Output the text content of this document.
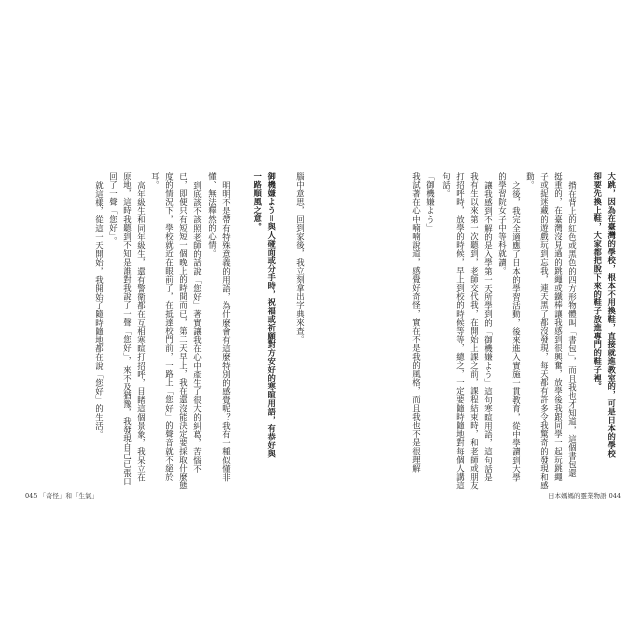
腦中意思，回到家後，我立刻拿出字典來查。
御機嫌よう＝與人碰面或分手時，祝福或祈願對方安好的寒暄用語，有恭好與
一路順風之意。
明明不是帶有特殊意義的用語，為什麼會有這麼特別的感覺呢？我有一種似懂非
懂、無法釋然的心情。
到底該不該照老師的話說「您好」著實讓我在心中產生了很大的糾葛，苦惱不
已，即便只有短短一個晚上的時間而已，第二天早上，我在還沒能決定要採取什麼態
度的情況下，學校就近在眼前了，在抵達校門前，一路上「您好」的聲音就不絕於
耳。
高年級生和同年級生，還有警衛都在互相寒暄打招呼，目睹這個景象，我呆立在
原地，這時我聽到不知是誰對我說了一聲「您好」，來不及猶豫，我發現自己已張口
回了一聲「您好」。
就這樣，從這一天開始，我開始了隨時隨地都在說「您好」的生活。
045 「奇怪」和「生氣」
大跳，因為在臺灣的學校，根本不用換鞋，直接就進教室的，可是日本的學校
卻要先換上鞋，大家都把脫下來的鞋子放進專門的鞋子裡。
揹在背上的紅色或黑色的四方形物體叫「書包」，而且我也才知道，這個書包還
挺重的，在臺灣沒見過的跳繩或鐵棒讓我感到很興奮，放學後我跟同學一起玩跳繩
子或捉迷藏的遊戲玩到忘我，連天黑了都沒發現，每天都有許多令我驚奇的發現和感
動。
之後，我完全適應了日本的學習活動，後來進入實施一貫教育，從中學讀到大學
的學習院女子中等科就讀。
讓我感到不解的是入學第一天所學到的「御機嫌よう」這句寒暄用語，這句話是
我有生以來第一次聽到，老師交代我，在開始上課之前，課程結束時，和老師或朋友
打招呼時，放學的時候，早上到校的時候等等，總之，一定要隨時隨地對每個人講這
句話。
「御機嫌よう」
我試著在心中喃喃說道，感覺好奇怪，實在不是我的風格，而且我也不是很理解
日本媽媽的靈業物語 044
